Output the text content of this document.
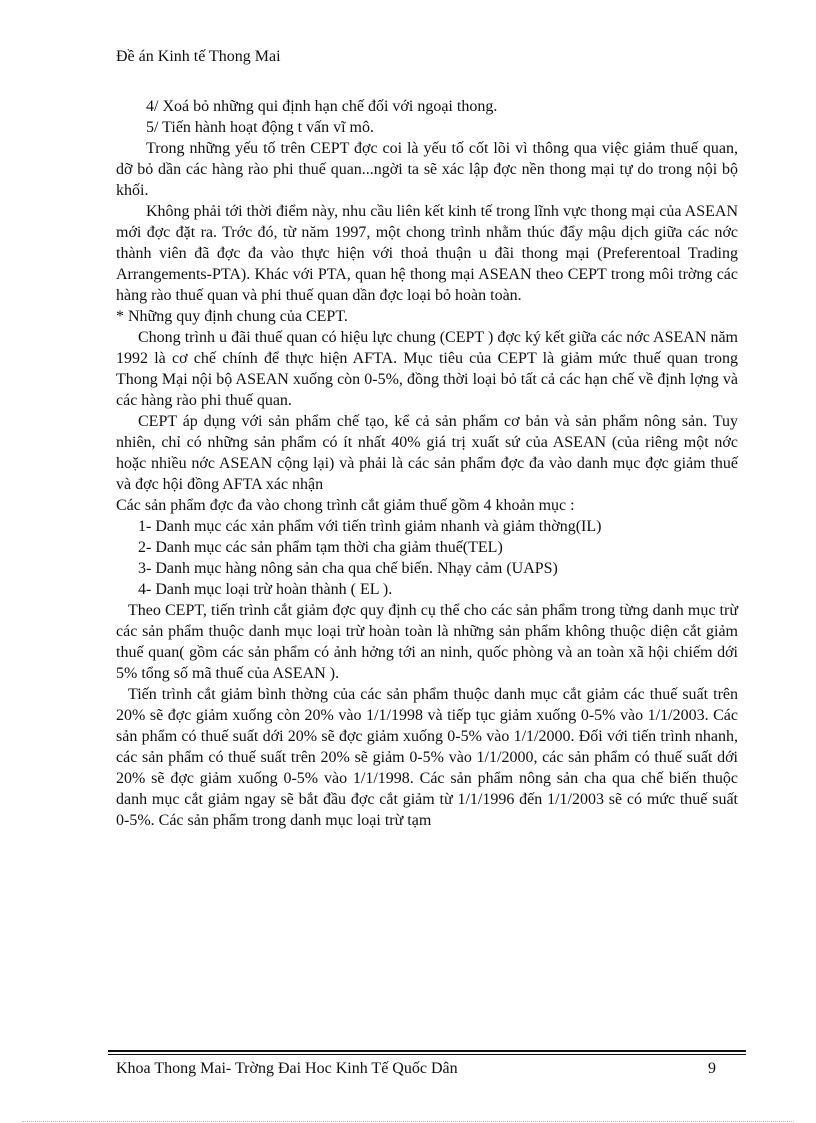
Đề án Kinh tế Thong Mai

4/ Xoá bỏ những qui định hạn chế đối với ngoại thong.

5/ Tiến hành hoạt động t vấn vĩ mô.

Trong những yếu tố trên CEPT đợc coi là yếu tố cốt lõi vì thông qua việc giảm thuế quan, dỡ bỏ dần các hàng rào phi thuế quan...ngời ta sẽ xác lập đợc nền thong mại tự do trong nội bộ khối.

Không phải tới thời điểm này, nhu cầu liên kết kinh tế trong lĩnh vực thong mại của ASEAN mới đợc đặt ra. Trớc đó, từ năm 1997, một chong trình nhằm thúc đẩy mậu dịch giữa các nớc thành viên đã đợc đa vào thực hiện với thoả thuận u đãi thong mại (Preferentoal Trading Arrangements-PTA). Khác với PTA, quan hệ thong mại ASEAN theo CEPT trong môi trờng các hàng rào thuế quan và phi thuế quan dần đợc loại bỏ hoàn toàn.

* Những quy định chung của CEPT.

Chong trình u đãi thuế quan có hiệu lực chung (CEPT ) đợc ký kết giữa các nớc ASEAN năm 1992 là cơ chế chính để thực hiện AFTA. Mục tiêu của CEPT là giảm mức thuế quan trong Thong Mại nội bộ ASEAN xuống còn 0-5%, đồng thời loại bỏ tất cả các hạn chế về định lợng và các hàng rào phi thuế quan.

CEPT áp dụng với sản phẩm chế tạo, kể cả sản phẩm cơ bản và sản phẩm nông sản. Tuy nhiên, chỉ có những sản phẩm có ít nhất 40% giá trị xuất sứ của ASEAN (của riêng một nớc hoặc nhiều nớc ASEAN cộng lại) và phải là các sản phẩm đợc đa vào danh mục đợc giảm thuế và đợc hội đồng AFTA xác nhận

Các sản phẩm đợc đa vào chong trình cắt giảm thuế gồm 4 khoản mục :

1- Danh mục các xản phẩm với tiến trình giảm nhanh và giảm thờng(IL)

2- Danh mục các sản phẩm tạm thời cha giảm thuế(TEL)

3- Danh mục hàng nông sản cha qua chế biến. Nhạy cảm (UAPS)

4- Danh mục loại trừ hoàn thành ( EL ).

Theo CEPT, tiến trình cắt giảm đợc quy định cụ thể cho các sản phẩm trong từng danh mục trừ các sản phẩm thuộc danh mục loại trừ hoàn toàn là những sản phẩm không thuộc diện cắt giảm thuế quan( gồm các sản phẩm có ảnh hởng tới an ninh, quốc phòng và an toàn xã hội chiếm dới 5% tổng số mã thuế của ASEAN ).

Tiến trình cắt giảm bình thờng của các sản phẩm thuộc danh mục cắt giảm các thuế suất trên 20% sẽ đợc giảm xuống còn 20% vào 1/1/1998 và tiếp tục giảm xuống 0-5% vào 1/1/2003. Các sản phẩm có thuế suất dới 20% sẽ đợc giảm xuống 0-5% vào 1/1/2000. Đối với tiến trình nhanh, các sản phẩm có thuế suất trên 20% sẽ giảm 0-5% vào 1/1/2000, các sản phẩm có thuế suất dới 20% sẽ đợc giảm xuống 0-5% vào 1/1/1998. Các sản phẩm nông sản cha qua chế biến thuộc danh mục cắt giảm ngay sẽ bắt đầu đợc cắt giảm từ 1/1/1996 đến 1/1/2003 sẽ có mức thuế suất 0-5%. Các sản phẩm trong danh mục loại trừ tạm

Khoa Thong Mai- Trờng Đai Hoc Kinh Tế Quốc Dân	9
